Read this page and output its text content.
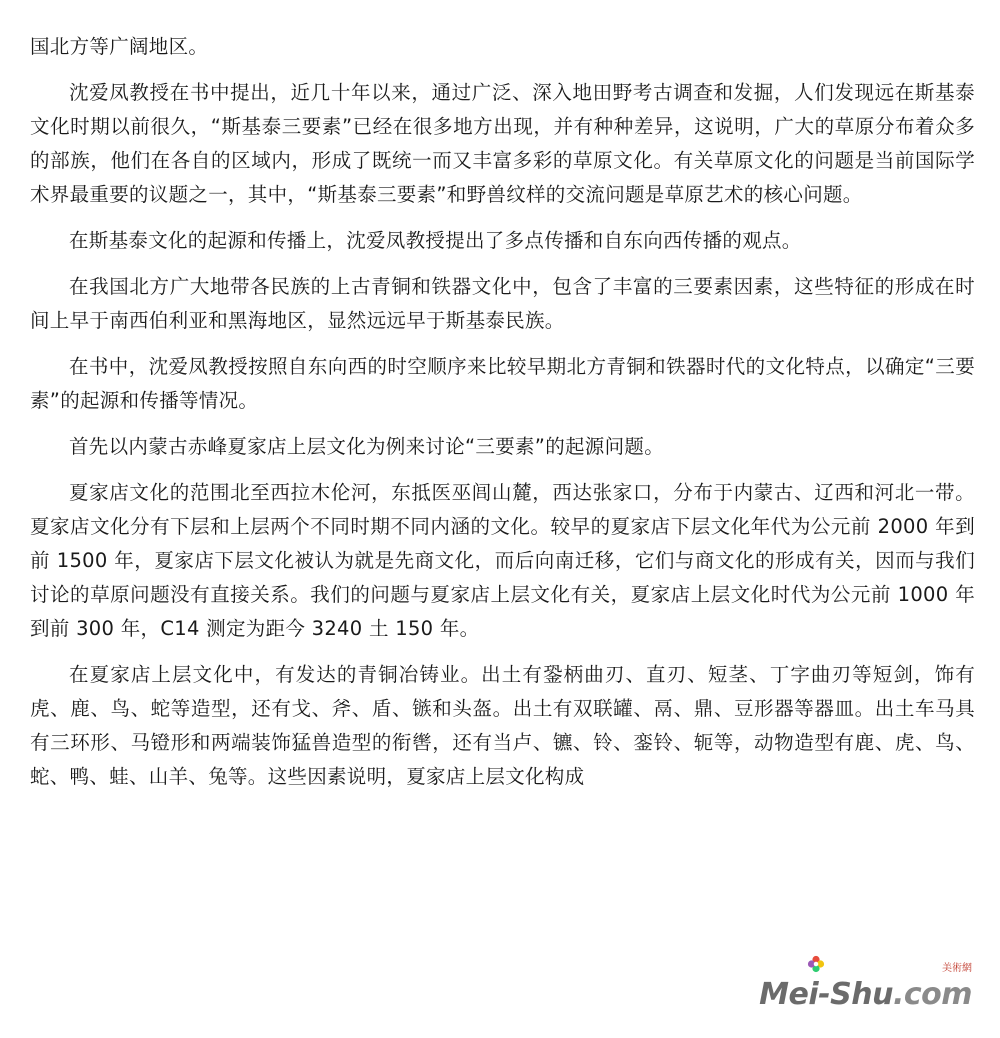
国北方等广阔地区。

沈爱凤教授在书中提出，近几十年以来，通过广泛、深入地田野考古调查和发掘，人们发现远在斯基泰文化时期以前很久，“斯基泰三要素”已经在很多地方出现，并有种种差异，这说明，广大的草原分布着众多的部族，他们在各自的区域内，形成了既统一而又丰富多彩的草原文化。有关草原文化的问题是当前国际学术界最重要的议题之一，其中，“斯基泰三要素”和野兽纹样的交流问题是草原艺术的核心问题。

在斯基泰文化的起源和传播上，沈爱凤教授提出了多点传播和自东向西传播的观点。

在我国北方广大地带各民族的上古青铜和铁器文化中，包含了丰富的三要素因素，这些特征的形成在时间上早于南西伯利亚和黑海地区，显然远远早于斯基泰民族。

在书中，沈爱凤教授按照自东向西的时空顺序来比较早期北方青铜和铁器时代的文化特点，以确定“三要素”的起源和传播等情况。

首先以内蒙古赤峰夏家店上层文化为例来讨论“三要素”的起源问题。

夏家店文化的范围北至西拉木伦河，东抵医巫闾山麓，西达张家口，分布于内蒙古、辽西和河北一带。夏家店文化分有下层和上层两个不同时期不同内涵的文化。较早的夏家店下层文化年代为公元前 2000 年到前 1500 年，夏家店下层文化被认为就是先商文化，而后向南迁移，它们与商文化的形成有关，因而与我们讨论的草原问题没有直接关系。我们的问题与夏家店上层文化有关，夏家店上层文化时代为公元前 1000 年 到前 300 年，C14 测定为距今 3240 土 150 年。

在夏家店上层文化中，有发达的青铜冶铸业。出土有銎柄曲刃、直刃、短茎、丁字曲刃等短剑，饰有虎、鹿、鸟、蛇等造型，还有戈、斧、盾、镞和头盔。出土有双联罐、鬲、鼎、豆形器等器皿。出土车马具有三环形、马镫形和两端装饰猛兽造型的衔辔，还有当卢、镳、铃、銮铃、轭等，动物造型有鹿、虎、鸟、蛇、鸭、蛙、山羊、兔等。这些因素说明，夏家店上层文化构成

美術網
Mei-Shu .com
